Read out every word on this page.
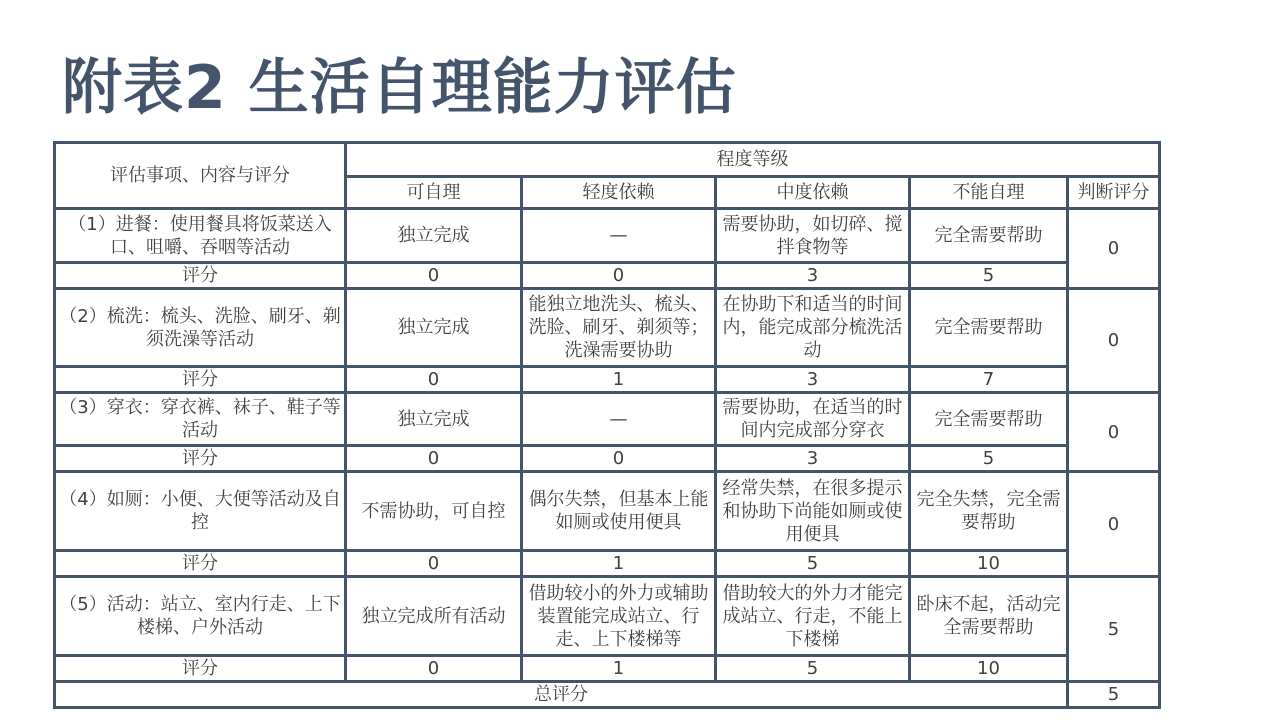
附表2 生活自理能力评估
评估事项、内容与评分	程度等级				
	可自理	轻度依赖	中度依赖	不能自理	判断评分
（1）进餐：使用餐具将饭菜送入口、咀嚼、吞咽等活动	独立完成	—	需要协助，如切碎、搅拌食物等	完全需要帮助	0
评分	0	0	3	5	
（2）梳洗：梳头、洗脸、刷牙、剃须洗澡等活动	独立完成	能独立地洗头、梳头、洗脸、刷牙、剃须等；洗澡需要协助	在协助下和适当的时间内，能完成部分梳洗活动	完全需要帮助	0
评分	0	1	3	7	
（3）穿衣：穿衣裤、袜子、鞋子等活动	独立完成	—	需要协助，在适当的时间内完成部分穿衣	完全需要帮助	0
评分	0	0	3	5	
（4）如厕：小便、大便等活动及自控	不需协助，可自控	偶尔失禁，但基本上能如厕或使用便具	经常失禁，在很多提示和协助下尚能如厕或使用便具	完全失禁，完全需要帮助	0
评分	0	1	5	10	
（5）活动：站立、室内行走、上下楼梯、户外活动	独立完成所有活动	借助较小的外力或辅助装置能完成站立、行走、上下楼梯等	借助较大的外力才能完成站立、行走，不能上下楼梯	卧床不起，活动完全需要帮助	5
评分	0	1	5	10	
总评分					5
